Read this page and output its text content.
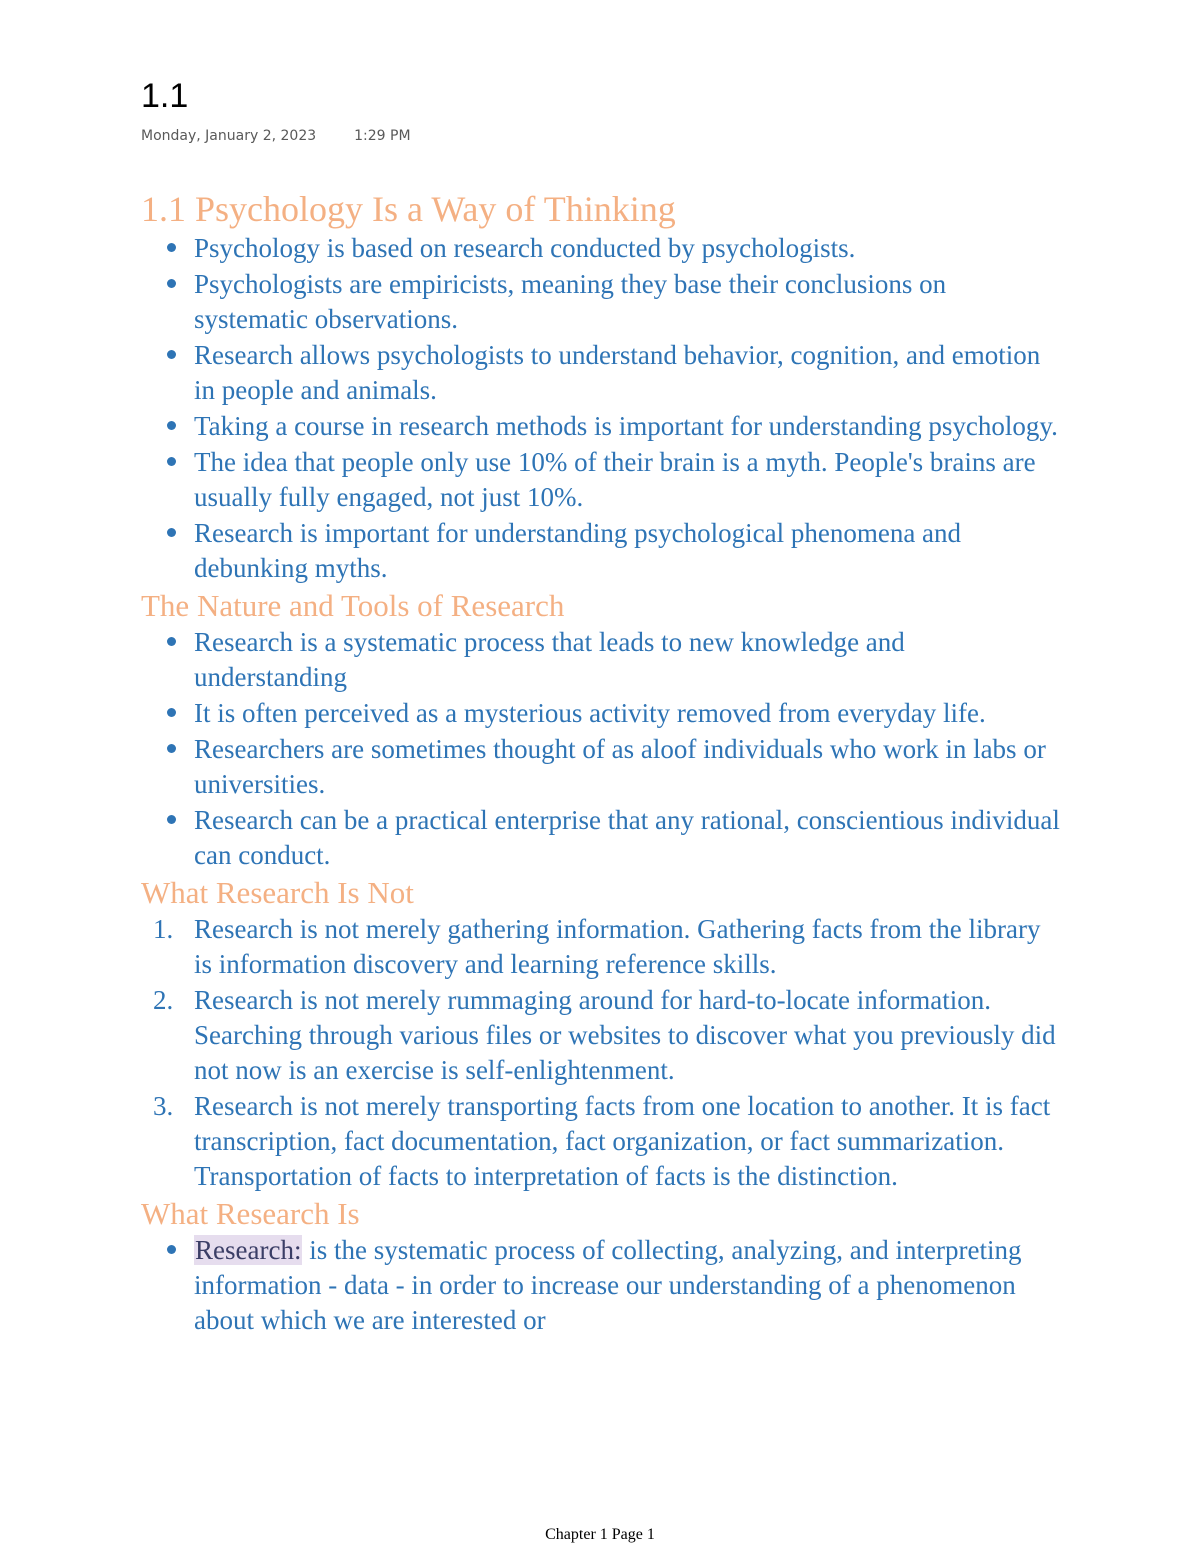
1.1
Monday, January 2, 2023	1:29 PM
1.1 Psychology Is a Way of Thinking
Psychology is based on research conducted by psychologists.
Psychologists are empiricists, meaning they base their conclusions on systematic observations.
Research allows psychologists to understand behavior, cognition, and emotion in people and animals.
Taking a course in research methods is important for understanding psychology.
The idea that people only use 10% of their brain is a myth. People's brains are usually fully engaged, not just 10%.
Research is important for understanding psychological phenomena and debunking myths.
The Nature and Tools of Research
Research is a systematic process that leads to new knowledge and understanding
It is often perceived as a mysterious activity removed from everyday life.
Researchers are sometimes thought of as aloof individuals who work in labs or universities.
Research can be a practical enterprise that any rational, conscientious individual can conduct.
What Research Is Not
1. Research is not merely gathering information. Gathering facts from the library is information discovery and learning reference skills.
2. Research is not merely rummaging around for hard-to-locate information. Searching through various files or websites to discover what you previously did not now is an exercise is self-enlightenment.
3. Research is not merely transporting facts from one location to another. It is fact transcription, fact documentation, fact organization, or fact summarization. Transportation of facts to interpretation of facts is the distinction.
What Research Is
Research: is the systematic process of collecting, analyzing, and interpreting information - data - in order to increase our understanding of a phenomenon about which we are interested or
Chapter 1 Page 1
